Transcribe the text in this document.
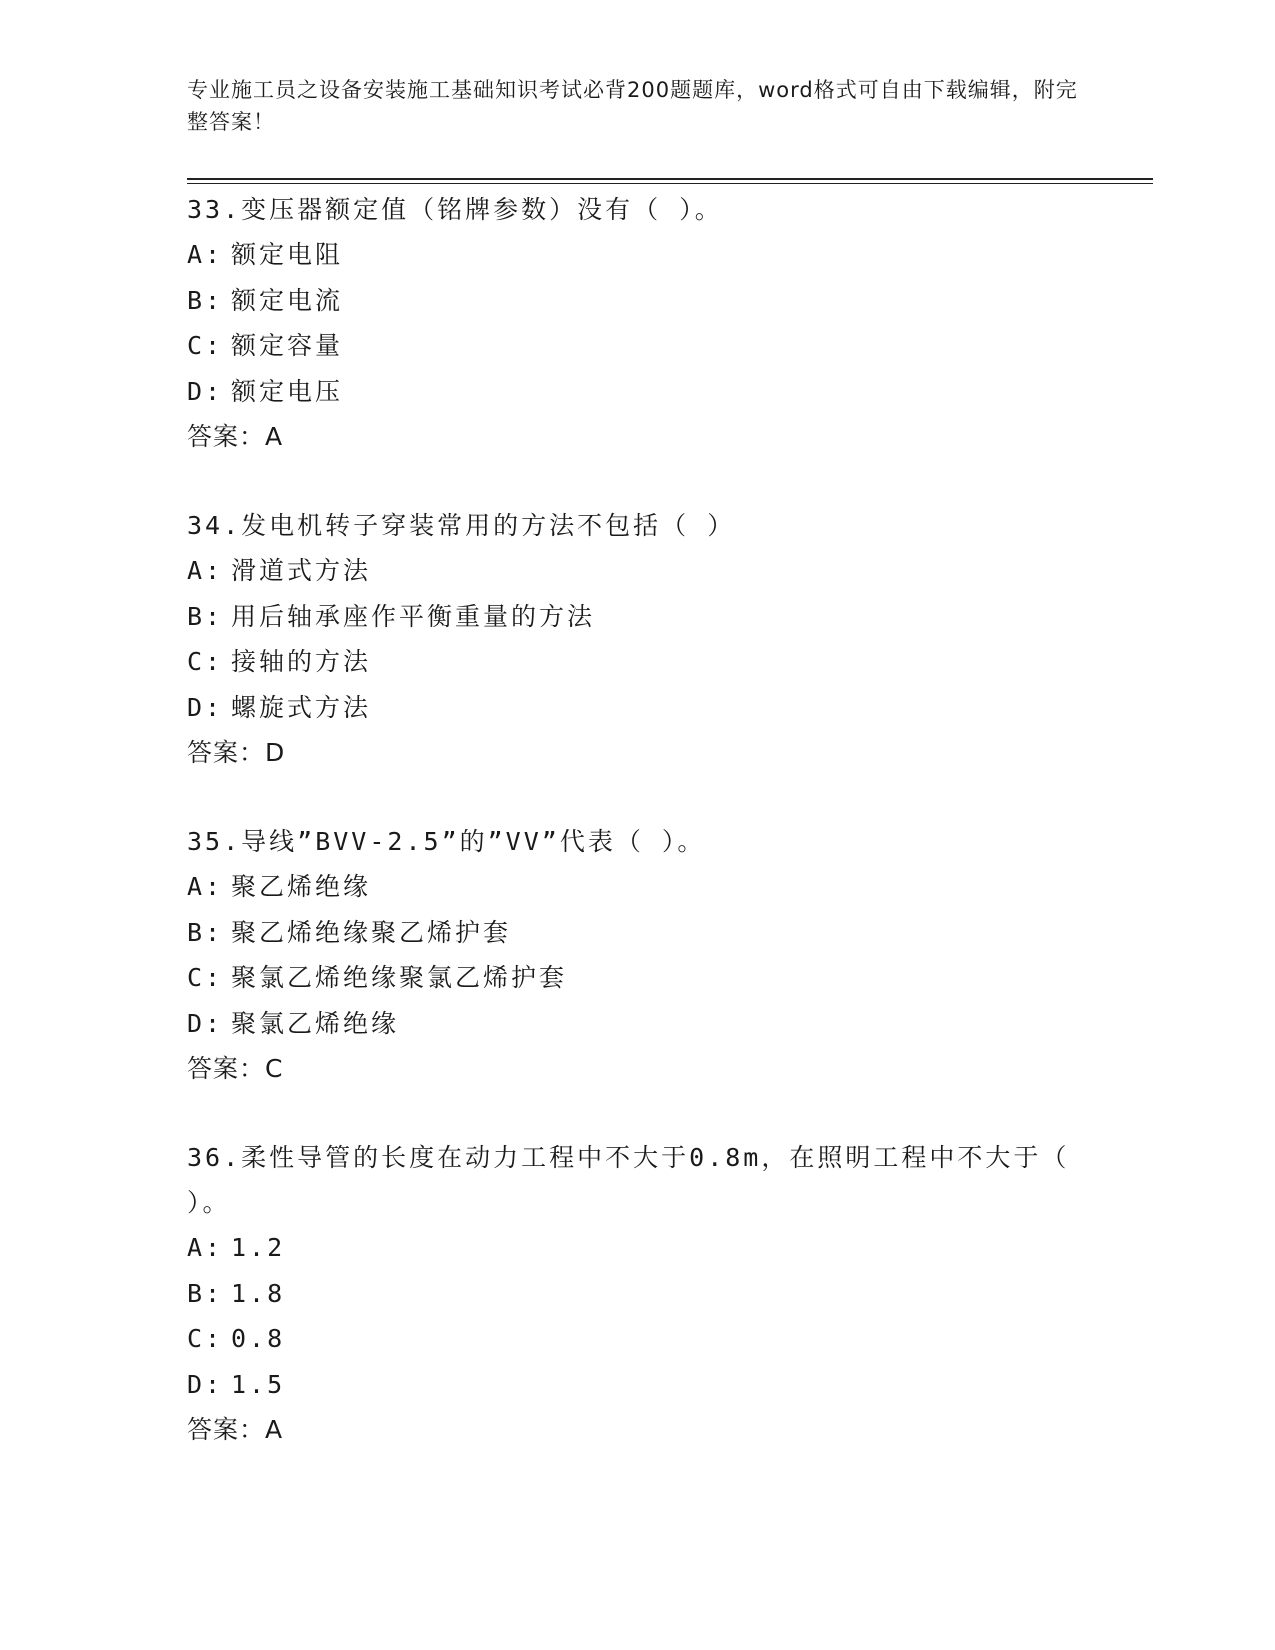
专业施工员之设备安装施工基础知识考试必背200题题库，word格式可自由下载编辑，附完整答案！
33.变压器额定值（铭牌参数）没有（ ）。
A: 额定电阻
B: 额定电流
C: 额定容量
D: 额定电压
答案：A
34.发电机转子穿装常用的方法不包括（ ）
A: 滑道式方法
B: 用后轴承座作平衡重量的方法
C: 接轴的方法
D: 螺旋式方法
答案：D
35.导线”BVV-2.5”的”VV”代表（ ）。
A: 聚乙烯绝缘
B: 聚乙烯绝缘聚乙烯护套
C: 聚氯乙烯绝缘聚氯乙烯护套
D: 聚氯乙烯绝缘
答案：C
36.柔性导管的长度在动力工程中不大于0.8m，在照明工程中不大于（ ）。
A: 1.2
B: 1.8
C: 0.8
D: 1.5
答案：A
